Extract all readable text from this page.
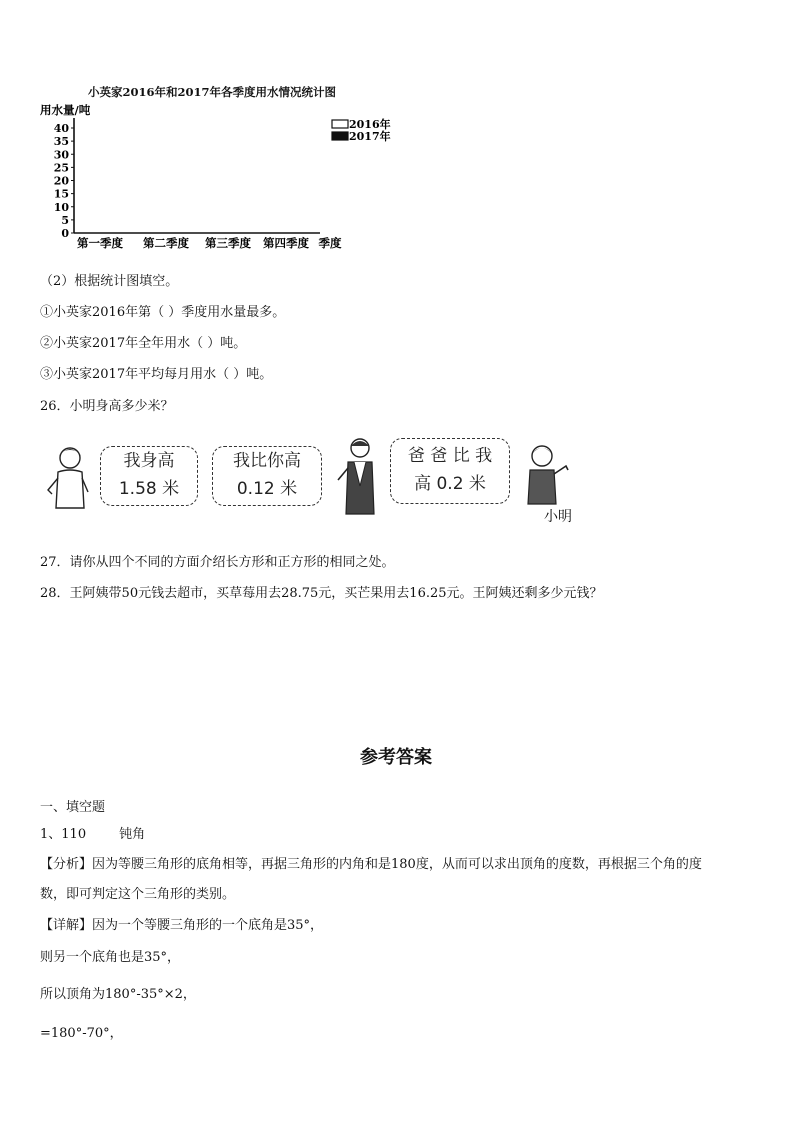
小英家2016年和2017年各季度用水情况统计图
用水量/吨
0
5
10
15
20
25
30
35
40
第一季度 第二季度 第三季度 第四季度 季度
2016年
2017年
（2）根据统计图填空。
①小英家2016年第（ ）季度用水量最多。
②小英家2017年全年用水（ ）吨。
③小英家2017年平均每月用水（ ）吨。
26．小明身高多少米？
我身高
1.58 米
我比你高
0.12 米
爸 爸 比 我
高 0.2 米
小明
27．请你从四个不同的方面介绍长方形和正方形的相同之处。
28．王阿姨带50元钱去超市，买草莓用去28.75元，买芒果用去16.25元。王阿姨还剩多少元钱？
参考答案
一、填空题
1、110        钝角
【分析】因为等腰三角形的底角相等，再据三角形的内角和是180度，从而可以求出顶角的度数，再根据三个角的度
数，即可判定这个三角形的类别。
【详解】因为一个等腰三角形的一个底角是35°，
则另一个底角也是35°，
所以顶角为180°-35°×2，
=180°-70°，
